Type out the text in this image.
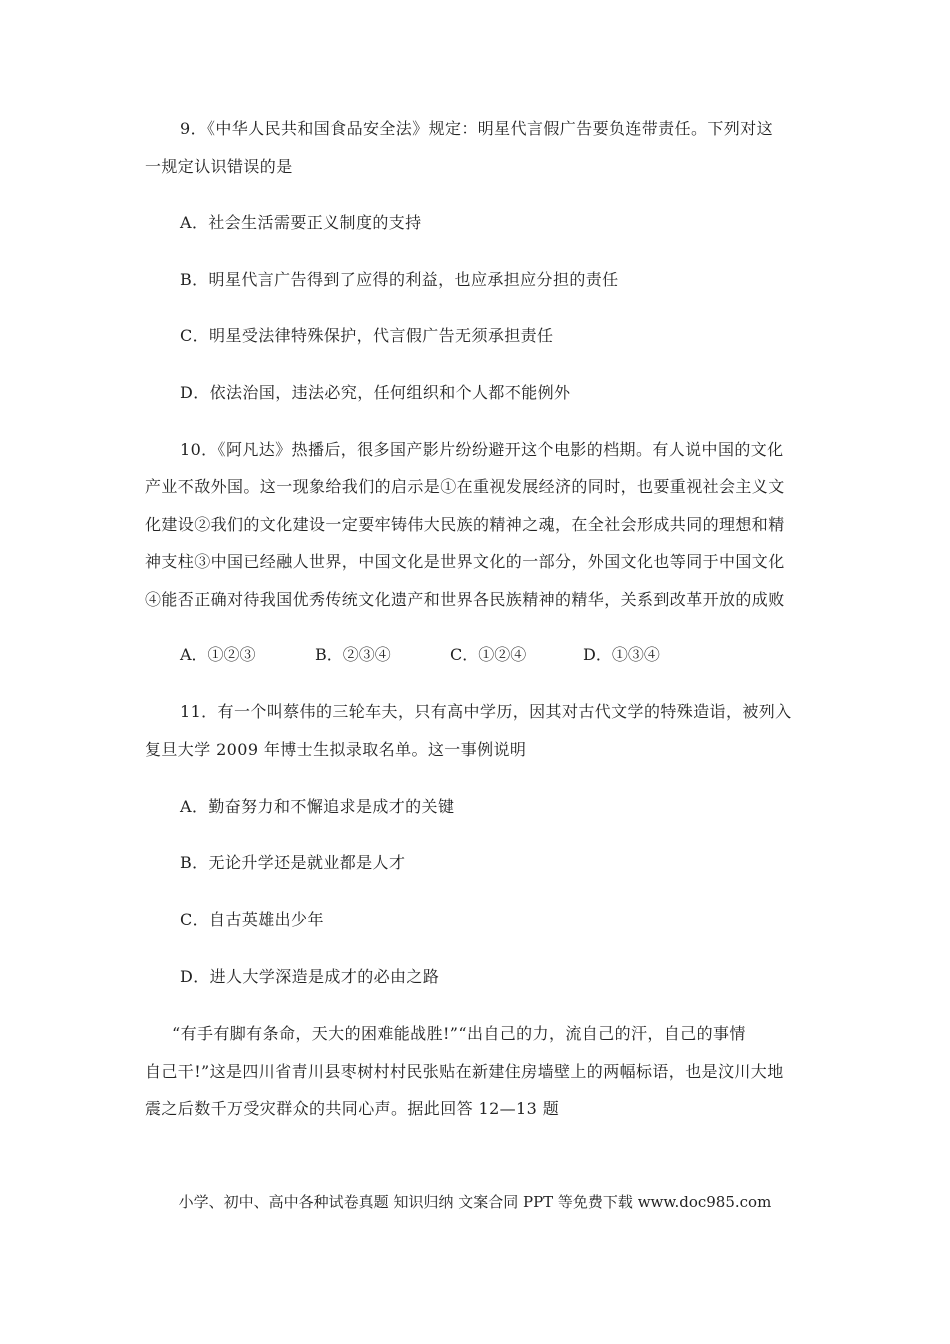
9．《中华人民共和国食品安全法》规定：明星代言假广告要负连带责任。下列对这
一规定认识错误的是
A．社会生活需要正义制度的支持
B．明星代言广告得到了应得的利益，也应承担应分担的责任
C．明星受法律特殊保护，代言假广告无须承担责任
D．依法治国，违法必究，任何组织和个人都不能例外
10．《阿凡达》热播后，很多国产影片纷纷避开这个电影的档期。有人说中国的文化
产业不敌外国。这一现象给我们的启示是①在重视发展经济的同时，也要重视社会主义文
化建设②我们的文化建设一定要牢铸伟大民族的精神之魂，在全社会形成共同的理想和精
神支柱③中国已经融人世界，中国文化是世界文化的一部分，外国文化也等同于中国文化
④能否正确对待我国优秀传统文化遗产和世界各民族精神的精华，关系到改革开放的成败
A．①②③	B．②③④	C．①②④	D．①③④
11．有一个叫蔡伟的三轮车夫，只有高中学历，因其对古代文学的特殊造诣，被列入
复旦大学 2009 年博士生拟录取名单。这一事例说明
A．勤奋努力和不懈追求是成才的关键
B．无论升学还是就业都是人才
C．自古英雄出少年
D．进人大学深造是成才的必由之路
“有手有脚有条命，天大的困难能战胜!”“出自己的力，流自己的汗，自己的事情
自己干!”这是四川省青川县枣树村村民张贴在新建住房墙壁上的两幅标语，也是汶川大地
震之后数千万受灾群众的共同心声。据此回答 12—13 题
小学、初中、高中各种试卷真题 知识归纳 文案合同 PPT 等免费下载 www.doc985.com
